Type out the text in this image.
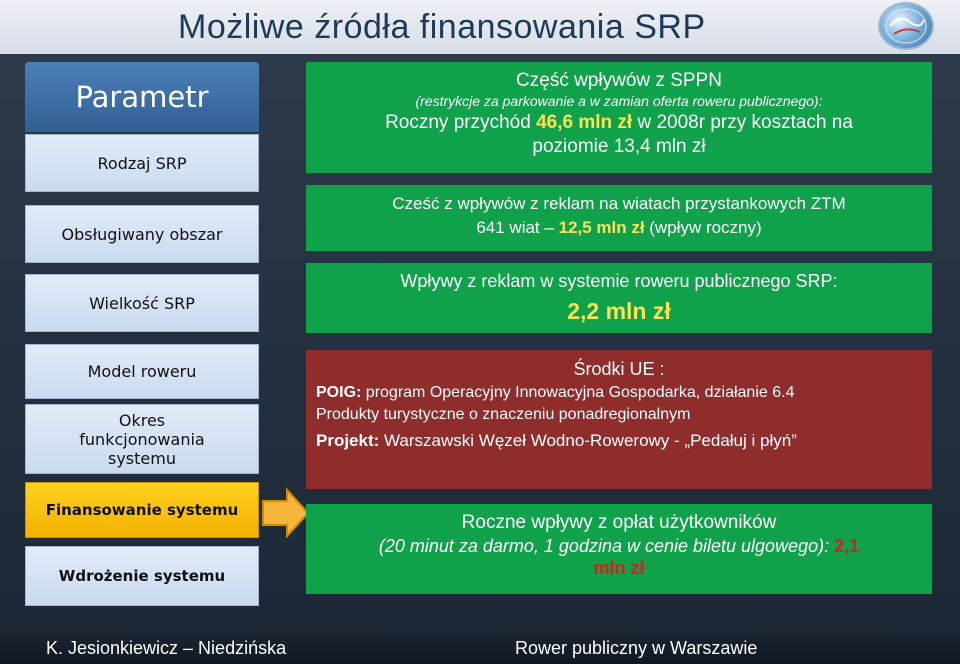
Możliwe źródła finansowania SRP
Parametr
Rodzaj SRP
Obsługiwany obszar
Wielkość SRP
Model roweru
Okres funkcjonowania systemu
Finansowanie systemu
Wdrożenie systemu
Część wpływów z SPPN
(restrykcje za parkowanie a w zamian oferta roweru publicznego):
Roczny przychód 46,6 mln zł w 2008r przy kosztach na
poziomie 13,4 mln zł
Cześć z wpływów z reklam na wiatach przystankowych ZTM
641 wiat – 12,5 mln zł (wpływ roczny)
Wpływy z reklam w systemie roweru publicznego SRP:
2,2 mln zł
Środki UE :
POIG: program Operacyjny Innowacyjna Gospodarka, działanie 6.4
Produkty turystyczne o znaczeniu ponadregionalnym
Projekt: Warszawski Węzeł Wodno-Rowerowy - „Pedałuj i płyń”
Roczne wpływy z opłat użytkowników
(20 minut za darmo, 1 godzina w cenie biletu ulgowego): 2,1
mln zł
K. Jesionkiewicz – Niedzińska	Rower publiczny w Warszawie
